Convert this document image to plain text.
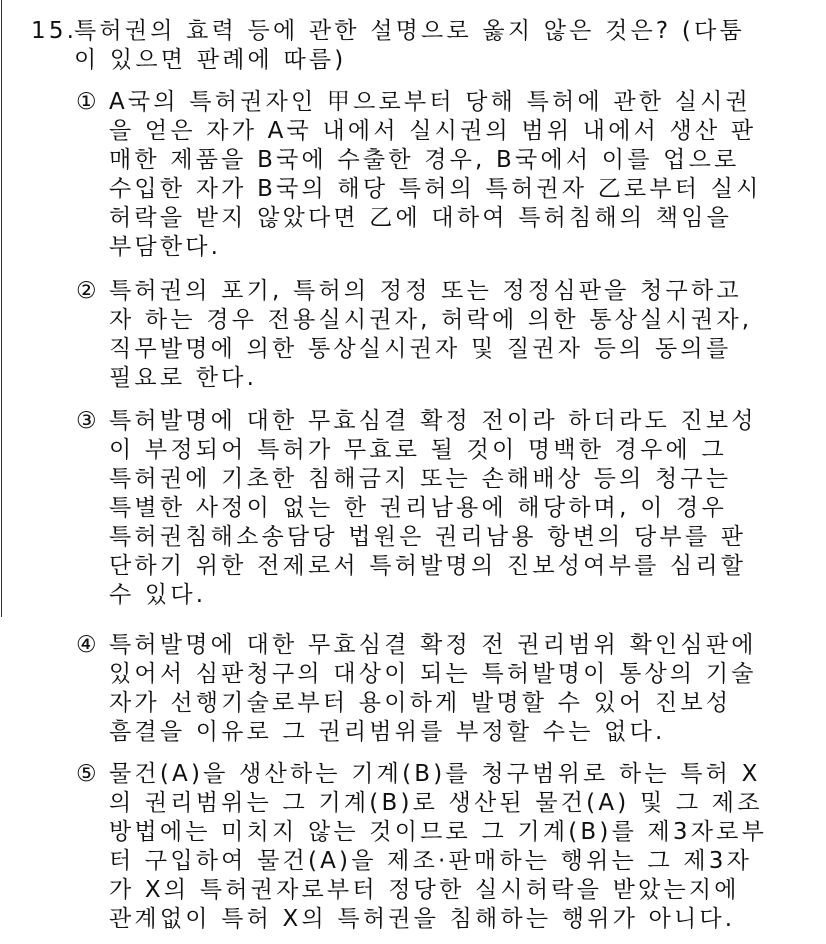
15.
특허권의 효력 등에 관한 설명으로 옳지 않은 것은? (다툼
이 있으면 판례에 따름)
① A국의 특허권자인 甲으로부터 당해 특허에 관한 실시권
을 얻은 자가 A국 내에서 실시권의 범위 내에서 생산 판
매한 제품을 B국에 수출한 경우, B국에서 이를 업으로
수입한 자가 B국의 해당 특허의 특허권자 乙로부터 실시
허락을 받지 않았다면 乙에 대하여 특허침해의 책임을
부담한다.
② 특허권의 포기, 특허의 정정 또는 정정심판을 청구하고
자 하는 경우 전용실시권자, 허락에 의한 통상실시권자,
직무발명에 의한 통상실시권자 및 질권자 등의 동의를
필요로 한다.
③ 특허발명에 대한 무효심결 확정 전이라 하더라도 진보성
이 부정되어 특허가 무효로 될 것이 명백한 경우에 그
특허권에 기초한 침해금지 또는 손해배상 등의 청구는
특별한 사정이 없는 한 권리남용에 해당하며, 이 경우
특허권침해소송담당 법원은 권리남용 항변의 당부를 판
단하기 위한 전제로서 특허발명의 진보성여부를 심리할
수 있다.
④ 특허발명에 대한 무효심결 확정 전 권리범위 확인심판에
있어서 심판청구의 대상이 되는 특허발명이 통상의 기술
자가 선행기술로부터 용이하게 발명할 수 있어 진보성
흠결을 이유로 그 권리범위를 부정할 수는 없다.
⑤ 물건(A)을 생산하는 기계(B)를 청구범위로 하는 특허 X
의 권리범위는 그 기계(B)로 생산된 물건(A) 및 그 제조
방법에는 미치지 않는 것이므로 그 기계(B)를 제3자로부
터 구입하여 물건(A)을 제조·판매하는 행위는 그 제3자
가 X의 특허권자로부터 정당한 실시허락을 받았는지에
관계없이 특허 X의 특허권을 침해하는 행위가 아니다.
